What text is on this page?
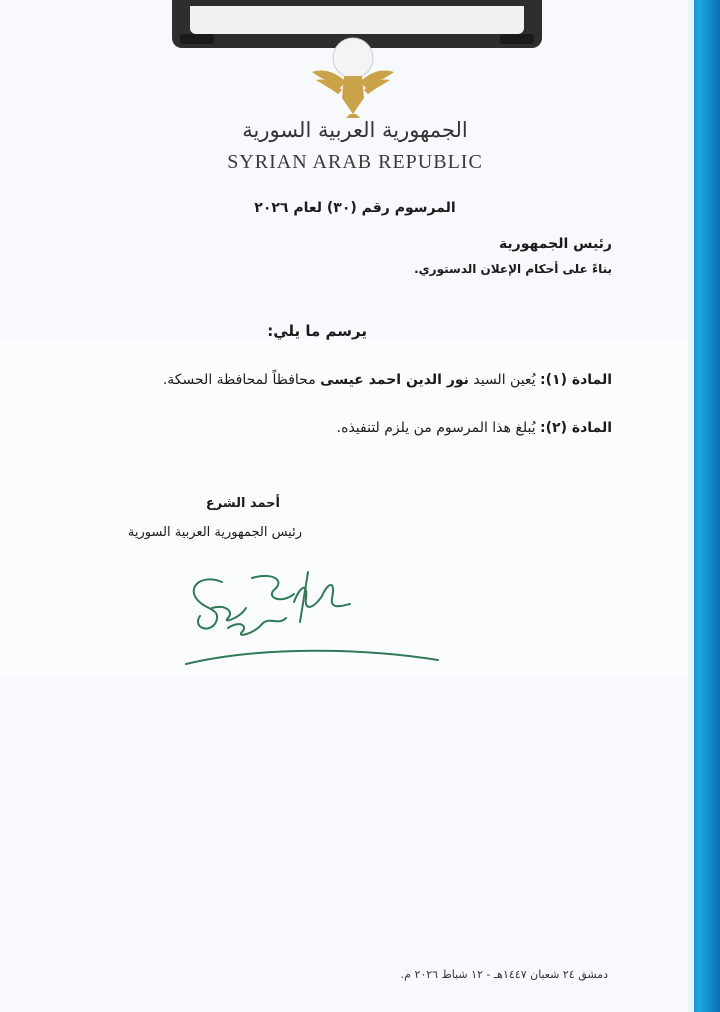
الجمهورية العربية السورية
SYRIAN ARAB REPUBLIC
المرسوم رقم (٣٠) لعام ٢٠٢٦
رئيس الجمهورية
بناءً على أحكام الإعلان الدستوري.
يرسم ما يلي:
المادة (١): يُعين السيد نور الدين احمد عيسى محافظاً لمحافظة الحسكة.
المادة (٢): يُبلغ هذا المرسوم من يلزم لتنفيذه.
أحمد الشرع
رئيس الجمهورية العربية السورية
دمشق ٢٤ شعبان ١٤٤٧هـ - ١٢ شباط ٢٠٢٦ م.
